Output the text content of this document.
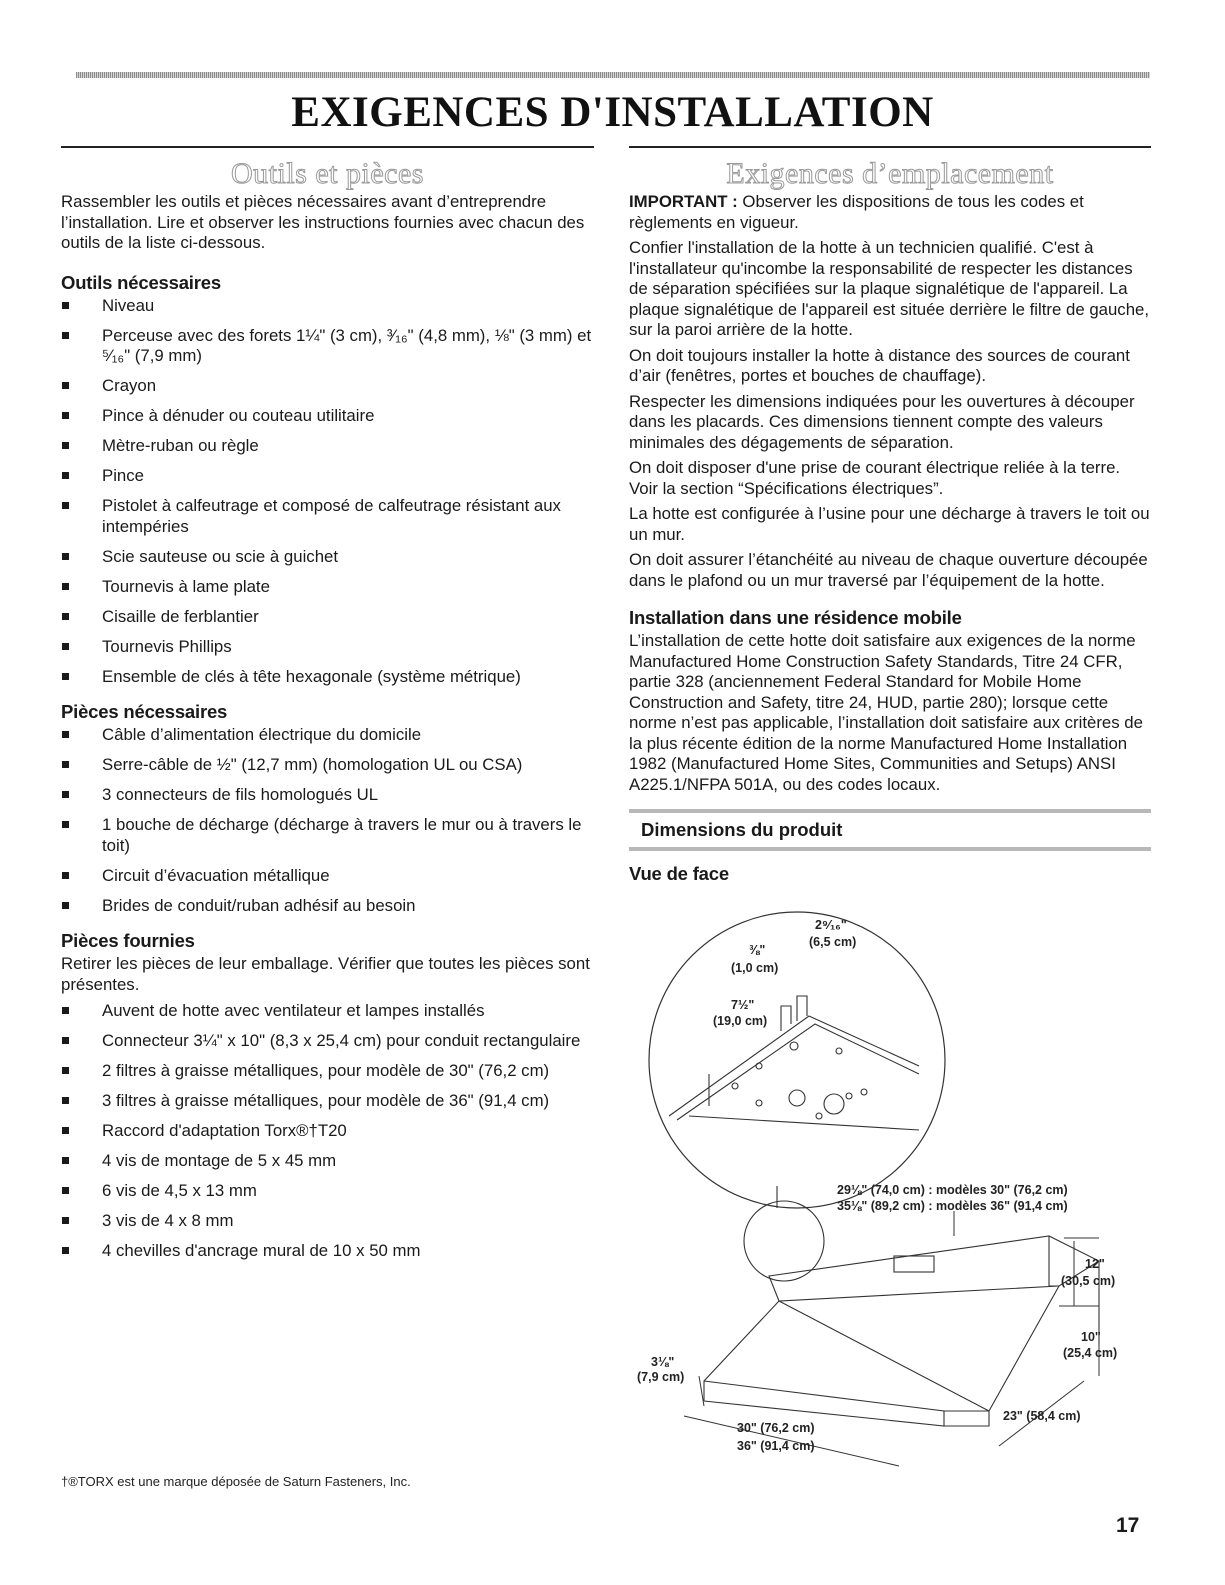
EXIGENCES D'INSTALLATION
Outils et pièces

Rassembler les outils et pièces nécessaires avant d’entreprendre l’installation. Lire et observer les instructions fournies avec chacun des outils de la liste ci-dessous.

Outils nécessaires
Niveau
Perceuse avec des forets 1¼" (3 cm), ³⁄₁₆" (4,8 mm), ⅛" (3 mm) et ⁵⁄₁₆" (7,9 mm)
Crayon
Pince à dénuder ou couteau utilitaire
Mètre-ruban ou règle
Pince
Pistolet à calfeutrage et composé de calfeutrage résistant aux intempéries
Scie sauteuse ou scie à guichet
Tournevis à lame plate
Cisaille de ferblantier
Tournevis Phillips
Ensemble de clés à tête hexagonale (système métrique)
Pièces nécessaires
Câble d’alimentation électrique du domicile
Serre-câble de ½" (12,7 mm) (homologation UL ou CSA)
3 connecteurs de fils homologués UL
1 bouche de décharge (décharge à travers le mur ou à travers le toit)
Circuit d’évacuation métallique
Brides de conduit/ruban adhésif au besoin
Pièces fournies

Retirer les pièces de leur emballage. Vérifier que toutes les pièces sont présentes.

Auvent de hotte avec ventilateur et lampes installés
Connecteur 3¼" x 10" (8,3 x 25,4 cm) pour conduit rectangulaire
2 filtres à graisse métalliques, pour modèle de 30" (76,2 cm)
3 filtres à graisse métalliques, pour modèle de 36" (91,4 cm)
Raccord d'adaptation Torx®†T20
4 vis de montage de 5 x 45 mm
6 vis de 4,5 x 13 mm
3 vis de 4 x 8 mm
4 chevilles d'ancrage mural de 10 x 50 mm
Exigences d’emplacement

IMPORTANT : Observer les dispositions de tous les codes et règlements en vigueur.

Confier l'installation de la hotte à un technicien qualifié. C'est à l'installateur qu'incombe la responsabilité de respecter les distances de séparation spécifiées sur la plaque signalétique de l'appareil. La plaque signalétique de l'appareil est située derrière le filtre de gauche, sur la paroi arrière de la hotte.

On doit toujours installer la hotte à distance des sources de courant d’air (fenêtres, portes et bouches de chauffage).

Respecter les dimensions indiquées pour les ouvertures à découper dans les placards. Ces dimensions tiennent compte des valeurs minimales des dégagements de séparation.

On doit disposer d'une prise de courant électrique reliée à la terre. Voir la section “Spécifications électriques”.

La hotte est configurée à l’usine pour une décharge à travers le toit ou un mur.

On doit assurer l’étanchéité au niveau de chaque ouverture découpée dans le plafond ou un mur traversé par l’équipement de la hotte.

Installation dans une résidence mobile

L’installation de cette hotte doit satisfaire aux exigences de la norme Manufactured Home Construction Safety Standards, Titre 24 CFR, partie 328 (anciennement Federal Standard for Mobile Home Construction and Safety, titre 24, HUD, partie 280); lorsque cette norme n’est pas applicable, l’installation doit satisfaire aux critères de la plus récente édition de la norme Manufactured Home Installation 1982 (Manufactured Home Sites, Communities and Setups) ANSI A225.1/NFPA 501A, ou des codes locaux.

Dimensions du produit
Vue de face
2⁹⁄₁₆"
(6,5 cm)
⅜"
(1,0 cm)
7½"
(19,0 cm)
29⅛" (74,0 cm) : modèles 30" (76,2 cm)
35⅛" (89,2 cm) : modèles 36" (91,4 cm)
12"
(30,5 cm)
10"
(25,4 cm)
3⅛"
(7,9 cm)
23" (58,4 cm)
30" (76,2 cm)
36" (91,4 cm)
†®TORX est une marque déposée de Saturn Fasteners, Inc.
17
